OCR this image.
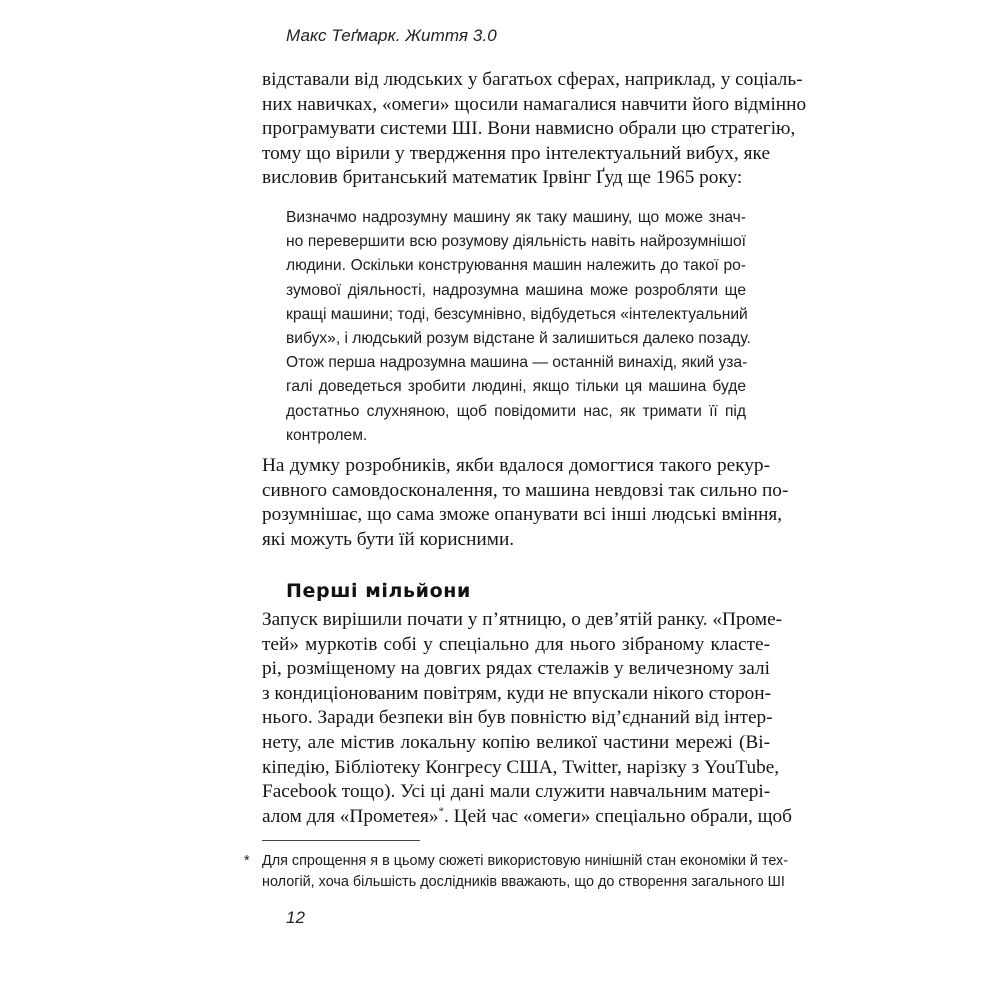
Макс Теґмарк. Життя 3.0
відставали від людських у багатьох сферах, наприклад, у соціаль-
них навичках, «омеги» щосили намагалися навчити його відмінно
програмувати системи ШІ. Вони навмисно обрали цю стратегію,
тому що вірили у твердження про інтелектуальний вибух, яке
висловив британський математик Ірвінг Ґуд ще 1965 року:
Визначмо надрозумну машину як таку машину, що може знач-
но перевершити всю розумову діяльність навіть найрозумнішої
людини. Оскільки конструювання машин належить до такої ро-
зумової діяльності, надрозумна машина може розробляти ще
кращі машини; тоді, безсумнівно, відбудеться «інтелектуальний
вибух», і людський розум відстане й залишиться далеко позаду.
Отож перша надрозумна машина — останній винахід, який уза-
галі доведеться зробити людині, якщо тільки ця машина буде
достатньо слухняною, щоб повідомити нас, як тримати її під
контролем.
На думку розробників, якби вдалося домогтися такого рекур-
сивного самовдосконалення, то машина невдовзі так сильно по-
розумнішає, що сама зможе опанувати всі інші людські вміння,
які можуть бути їй корисними.
Перші мільйони
Запуск вирішили почати у п’ятницю, о дев’ятій ранку. «Проме-
тей» муркотів собі у спеціально для нього зібраному кластe-
рі, розміщеному на довгих рядах стелажів у величезному залі
з кондиціонованим повітрям, куди не впускали нікого сторон-
нього. Заради безпеки він був повністю від’єднаний від інтер-
нету, але містив локальну копію великої частини мережі (Ві-
кіпедію, Бібліотеку Конгресу США, Twitter, нарізку з YouTube,
Facebook тощо). Усі ці дані мали служити навчальним матері-
алом для «Прометея»*. Цей час «омеги» спеціально обрали, щоб
* Для спрощення я в цьому сюжеті використовую нинішній стан економіки й тех-
нологій, хоча більшість дослідників вважають, що до створення загального ШІ
12
